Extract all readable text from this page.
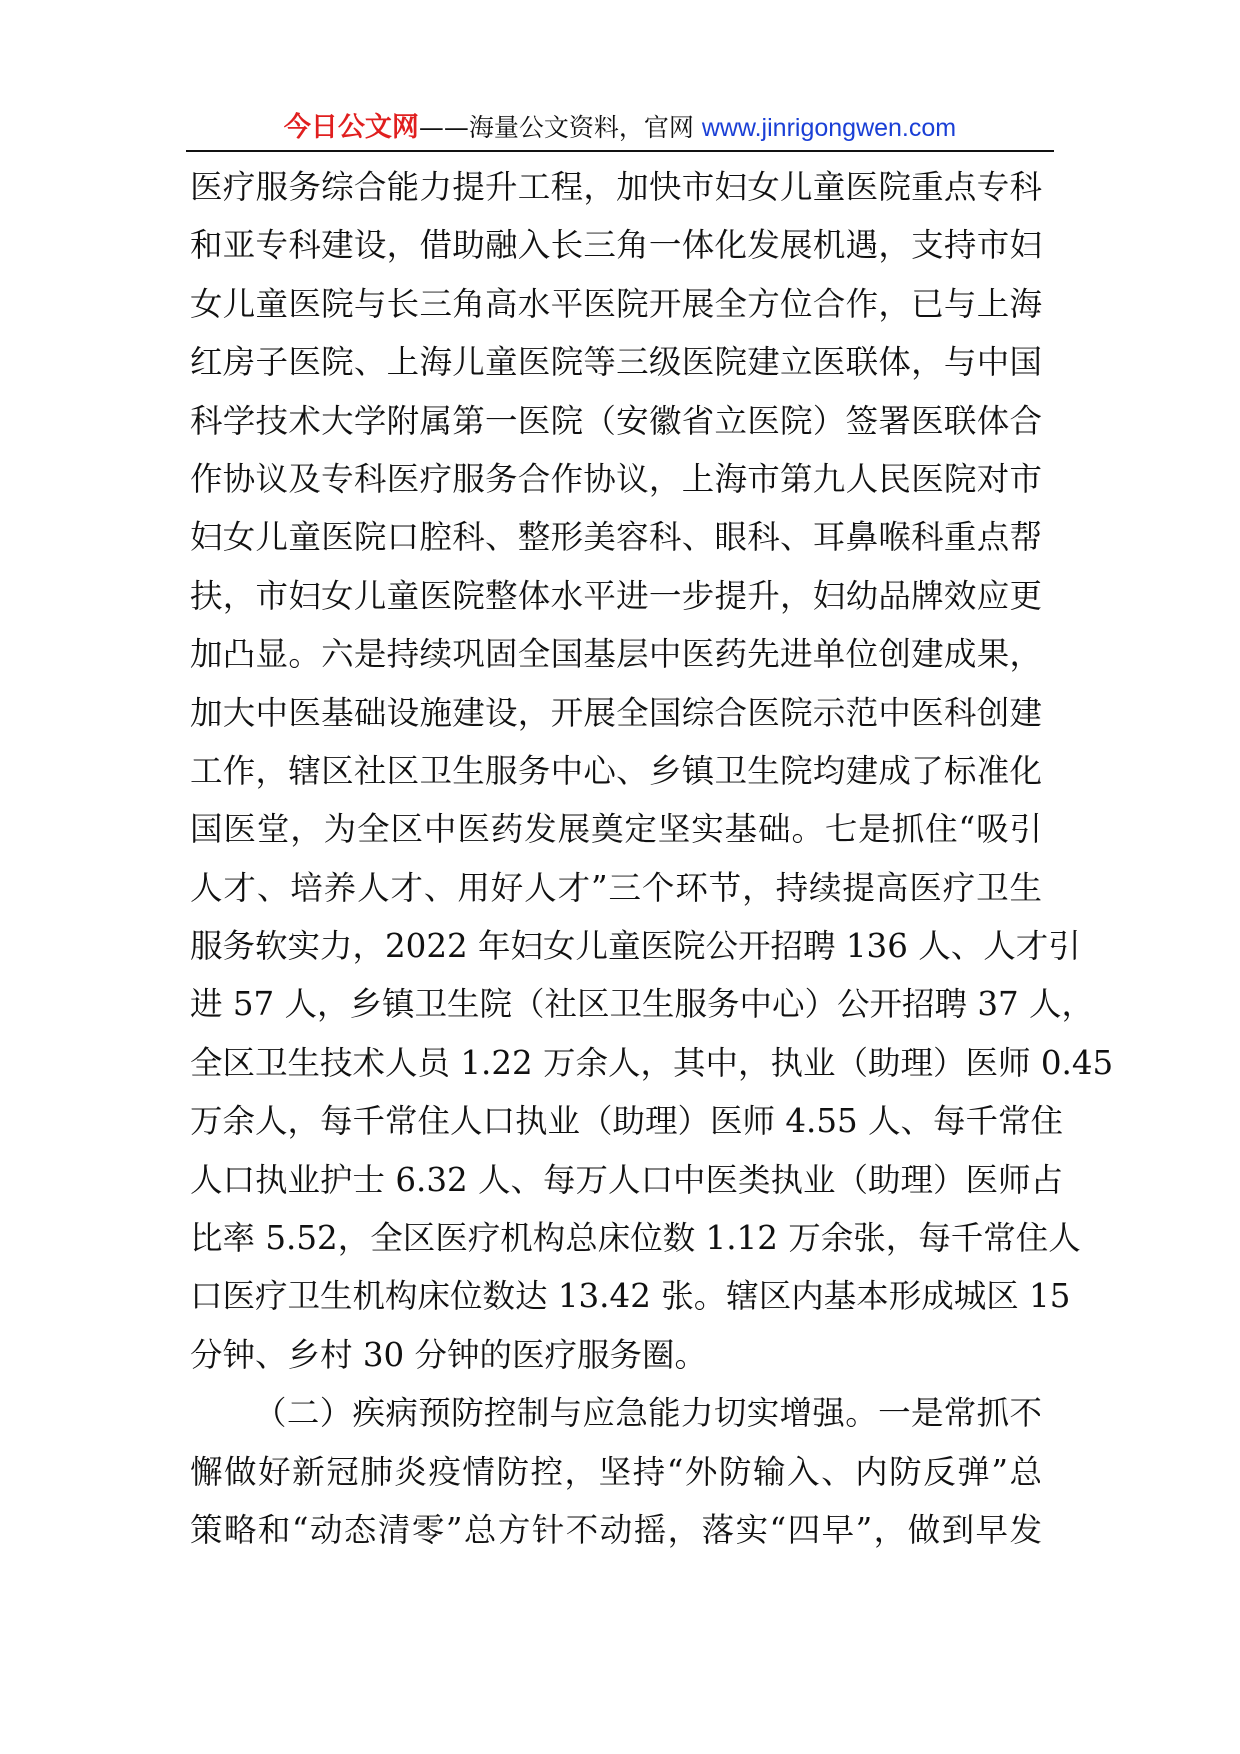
今日公文网——海量公文资料，官网 www.jinrigongwen.com
医疗服务综合能力提升工程，加快市妇女儿童医院重点专科
和亚专科建设，借助融入长三角一体化发展机遇，支持市妇
女儿童医院与长三角高水平医院开展全方位合作，已与上海
红房子医院、上海儿童医院等三级医院建立医联体，与中国
科学技术大学附属第一医院（安徽省立医院）签署医联体合
作协议及专科医疗服务合作协议，上海市第九人民医院对市
妇女儿童医院口腔科、整形美容科、眼科、耳鼻喉科重点帮
扶，市妇女儿童医院整体水平进一步提升，妇幼品牌效应更
加凸显。六是持续巩固全国基层中医药先进单位创建成果，
加大中医基础设施建设，开展全国综合医院示范中医科创建
工作，辖区社区卫生服务中心、乡镇卫生院均建成了标准化
国医堂，为全区中医药发展奠定坚实基础。七是抓住“吸引
人才、培养人才、用好人才”三个环节，持续提高医疗卫生
服务软实力，2022 年妇女儿童医院公开招聘 136 人、人才引
进 57 人，乡镇卫生院（社区卫生服务中心）公开招聘 37 人，
全区卫生技术人员 1.22 万余人，其中，执业（助理）医师 0.45
万余人，每千常住人口执业（助理）医师 4.55 人、每千常住
人口执业护士 6.32 人、每万人口中医类执业（助理）医师占
比率 5.52，全区医疗机构总床位数 1.12 万余张，每千常住人
口医疗卫生机构床位数达 13.42 张。辖区内基本形成城区 15
分钟、乡村 30 分钟的医疗服务圈。
（二）疾病预防控制与应急能力切实增强。一是常抓不
懈做好新冠肺炎疫情防控，坚持“外防输入、内防反弹”总
策略和“动态清零”总方针不动摇，落实“四早”，做到早发
